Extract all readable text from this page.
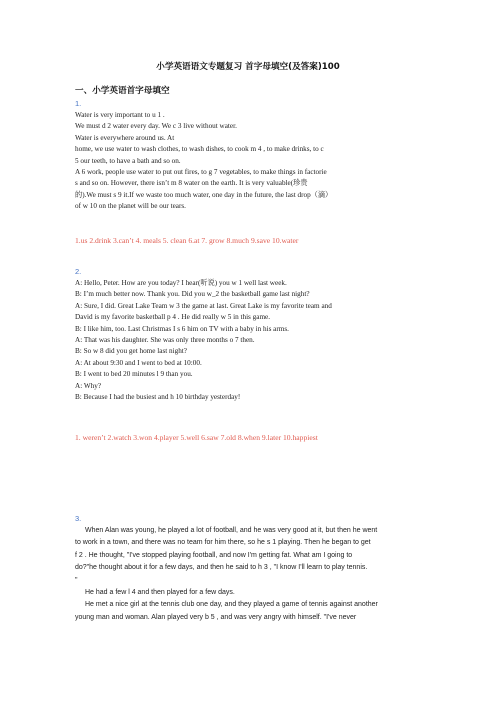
小学英语语文专题复习 首字母填空(及答案)100
一、小学英语首字母填空
1.
Water is very important to u 1 .
We must d 2 water every day. We c 3 live without water.
Water is everywhere around us. At
home, we use water to wash clothes, to wash dishes, to cook m 4 , to make drinks, to c
5 our teeth, to have a bath and so on.
A 6 work, people use water to put out fires, to g 7 vegetables, to make things in factorie
s and so on. However, there isn’t m 8 water on the earth. It is very valuable(珍贵
的).We must s 9 it.If we waste too much water, one day in the future, the last drop（滴）
of w 10 on the planet will be our tears.
1.us 2.drink 3.can’t 4. meals 5. clean 6.at 7. grow 8.much 9.save 10.water
2.
A: Hello, Peter. How are you today? I hear(听说) you w 1 well last week.
B: I’m much better now. Thank you. Did you w_2 the basketball game last night?
A: Sure, I did. Great Lake Team w 3 the game at last. Great Lake is my favorite team and
David is my favorite basketball p 4 . He did really w 5 in this game.
B: I like him, too. Last Christmas I s 6 him on TV with a baby in his arms.
A: That was his daughter. She was only three months o 7 then.
B: So w 8 did you get home last night?
A: At about 9:30 and I went to bed at 10:00.
B: I went to bed 20 minutes l 9 than you.
A: Why?
B: Because I had the busiest and h 10 birthday yesterday!
1. weren’t 2.watch 3.won 4.player 5.well 6.saw 7.old 8.when 9.later 10.happiest
3.
When Alan was young, he played a lot of football, and he was very good at it, but then he went
to work in a town, and there was no team for him there, so he s 1 playing. Then he began to get
f 2 . He thought, "I've stopped playing football, and now I'm getting fat. What am I going to
do?"he thought about it for a few days, and then he said to h 3 , "I know I'll learn to play tennis.
"
He had a few l 4 and then played for a few days.
He met a nice girl at the tennis club one day, and they played a game of tennis against another
young man and woman. Alan played very b 5 , and was very angry with himself. "I've never
